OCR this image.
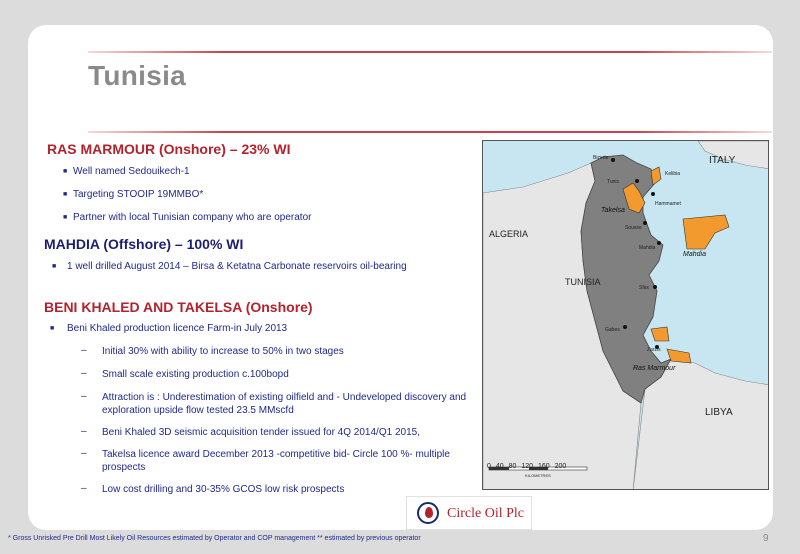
Tunisia
RAS MARMOUR (Onshore) – 23% WI
■ Well named Sedouikech-1
■ Targeting STOOIP 19MMBO*
■ Partner with local Tunisian company who are operator
MAHDIA (Offshore) – 100% WI
■ 1 well drilled August 2014 – Birsa & Ketatna Carbonate reservoirs oil-bearing
BENI KHALED AND TAKELSA (Onshore)
■ Beni Khaled production licence Farm-in July 2013
– Initial 30% with ability to increase to 50% in two stages
– Small scale existing production c.100bopd
– Attraction is : Underestimation of existing oilfield and - Undeveloped discovery and exploration upside flow tested 23.5 MMscfd
– Beni Khaled 3D seismic acquisition tender issued for 4Q 2014/Q1 2015,
– Takelsa licence award December 2013 -competitive bid- Circle 100 %- multiple prospects
– Low cost drilling and 30-35% GCOS low risk prospects
ITALY
ALGERIA
TUNISIA
LIBYA
Bizerte
Kelibia
Tunis
Hammamet
Sousse
Mahdia
Sfax
Gabes
Zarzis
Takelsa
Mahdia
Ras Marmour
0 40 80 120 160 200
KILOMETRES
Circle Oil Plc
* Gross Unrisked Pre Drill Most Likely Oil Resources estimated by Operator and COP management ** estimated by previous operator	9
